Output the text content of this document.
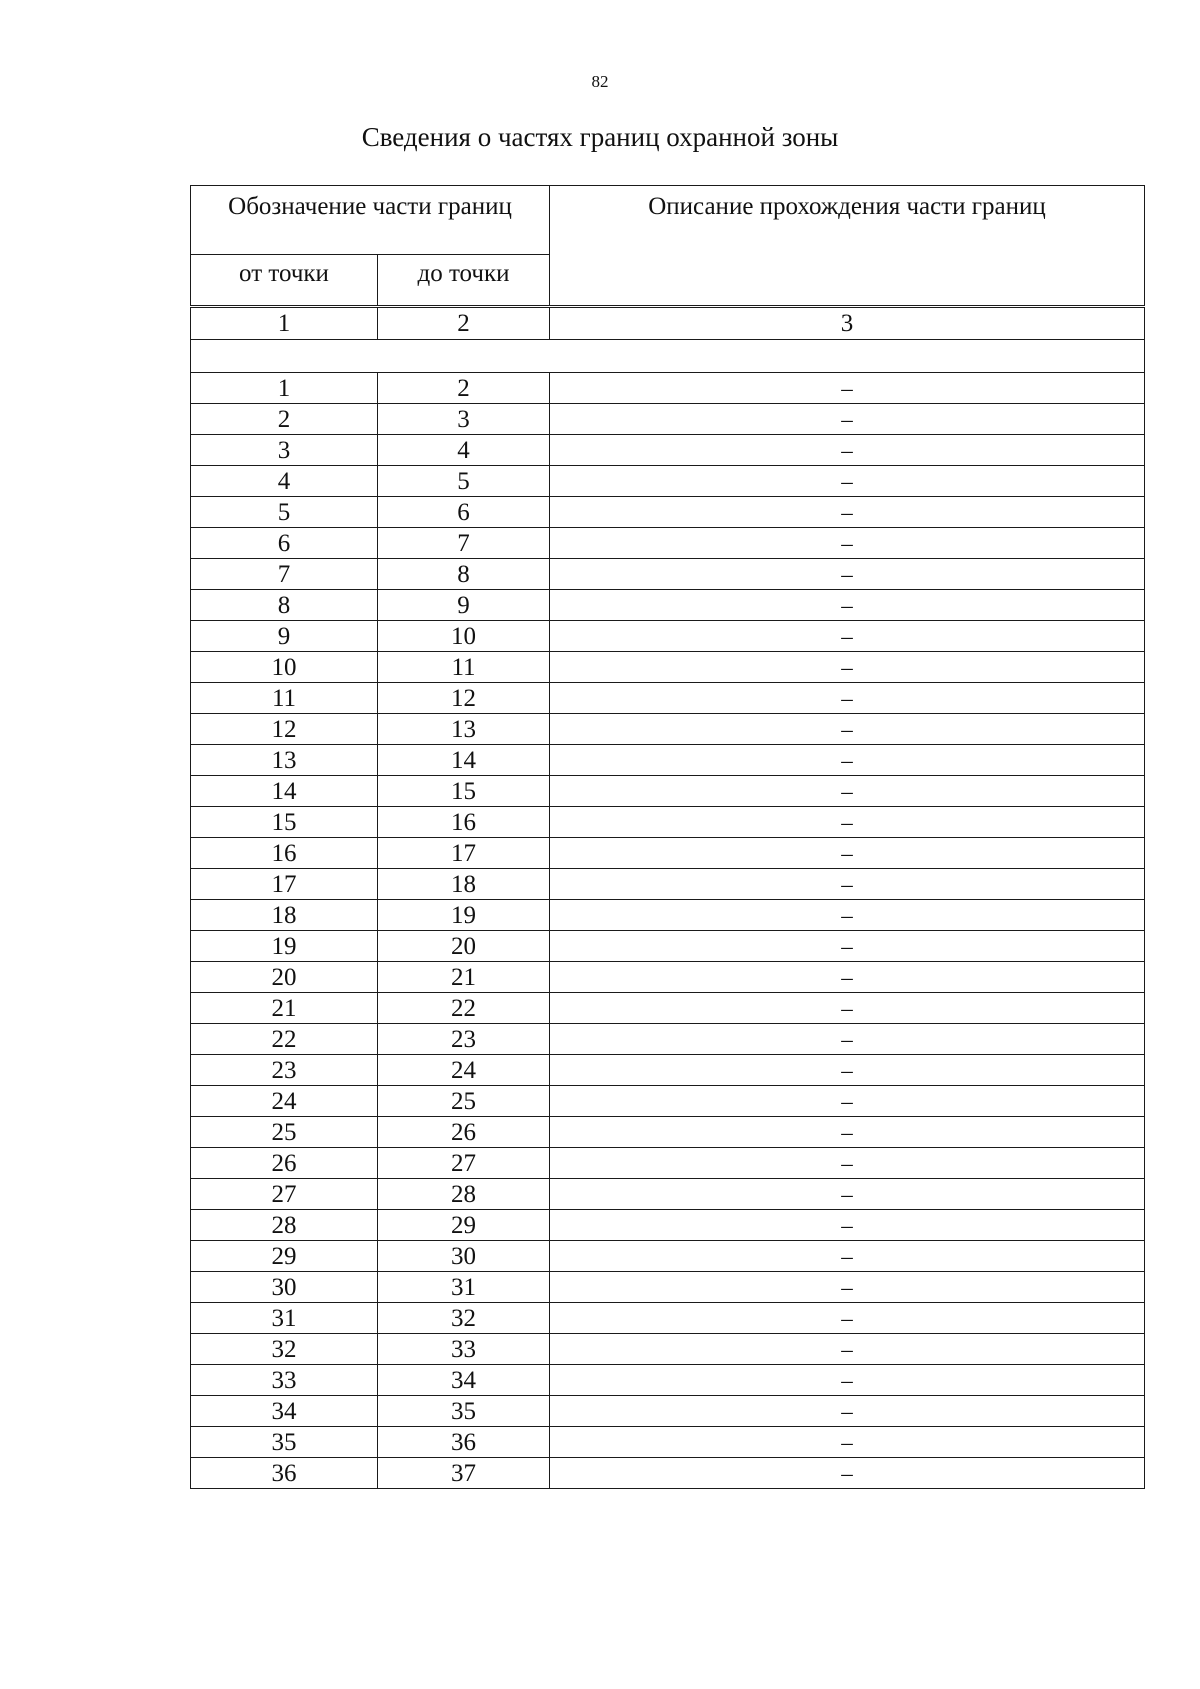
82
Сведения о частях границ охранной зоны
Обозначение части границ		Описание прохождения части границ
от точки	до точки	
1	2	3

1	2	–
2	3	–
3	4	–
4	5	–
5	6	–
6	7	–
7	8	–
8	9	–
9	10	–
10	11	–
11	12	–
12	13	–
13	14	–
14	15	–
15	16	–
16	17	–
17	18	–
18	19	–
19	20	–
20	21	–
21	22	–
22	23	–
23	24	–
24	25	–
25	26	–
26	27	–
27	28	–
28	29	–
29	30	–
30	31	–
31	32	–
32	33	–
33	34	–
34	35	–
35	36	–
36	37	–
